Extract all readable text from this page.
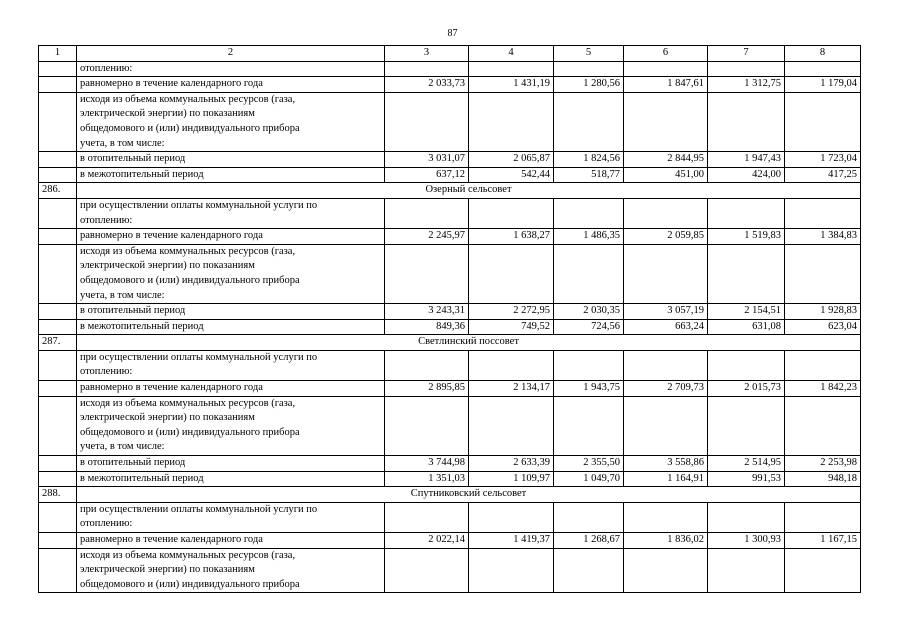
87
1	2	3	4	5	6	7	8

	отоплению:						

	равномерно в течение календарного года	2 033,73	1 431,19	1 280,56	1 847,61	1 312,75	1 179,04

	исходя из объема коммунальных ресурсов (газа,
электрической энергии) по показаниям
общедомового и (или) индивидуального прибора
учета, в том числе:						

	в отопительный период	3 031,07	2 065,87	1 824,56	2 844,95	1 947,43	1 723,04
	в межотопительный период	637,12	542,44	518,77	451,00	424,00	417,25
286.	Озерный сельсовет						

	при осуществлении оплаты коммунальной услуги по
отоплению:						

	равномерно в течение календарного года	2 245,97	1 638,27	1 486,35	2 059,85	1 519,83	1 384,83

	исходя из объема коммунальных ресурсов (газа,
электрической энергии) по показаниям
общедомового и (или) индивидуального прибора
учета, в том числе:						

	в отопительный период	3 243,31	2 272,95	2 030,35	3 057,19	2 154,51	1 928,83
	в межотопительный период	849,36	749,52	724,56	663,24	631,08	623,04
287.	Светлинский поссовет						

	при осуществлении оплаты коммунальной услуги по
отоплению:						

	равномерно в течение календарного года	2 895,85	2 134,17	1 943,75	2 709,73	2 015,73	1 842,23

	исходя из объема коммунальных ресурсов (газа,
электрической энергии) по показаниям
общедомового и (или) индивидуального прибора
учета, в том числе:						

	в отопительный период	3 744,98	2 633,39	2 355,50	3 558,86	2 514,95	2 253,98
	в межотопительный период	1 351,03	1 109,97	1 049,70	1 164,91	991,53	948,18
288.	Спутниковский сельсовет						

	при осуществлении оплаты коммунальной услуги по
отоплению:						

	равномерно в течение календарного года	2 022,14	1 419,37	1 268,67	1 836,02	1 300,93	1 167,15

	исходя из объема коммунальных ресурсов (газа,
электрической энергии) по показаниям
общедомового и (или) индивидуального прибора						
